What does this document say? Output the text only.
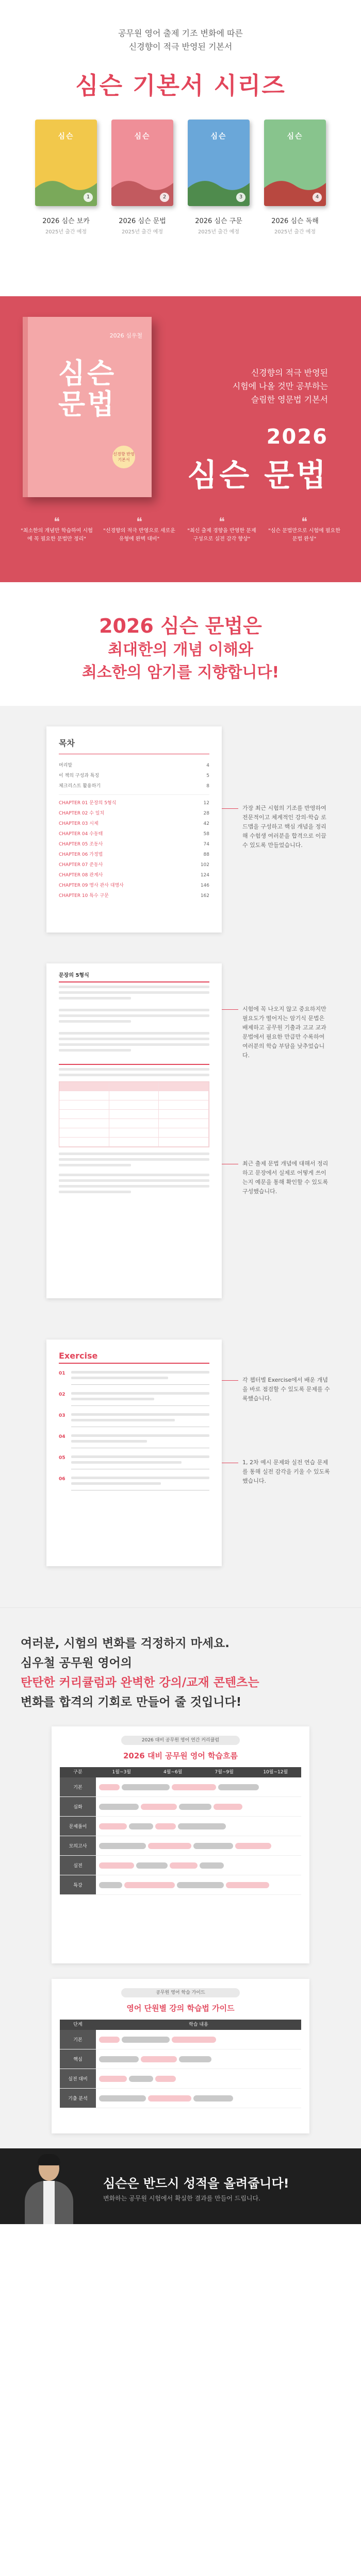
공무원 영어 출제 기조 변화에 따른
신경향이 적극 반영된 기본서
심슨 기본서 시리즈
심슨
1
2026 심슨 보카
2025년 출간 예정
심슨
2
2026 심슨 문법
2025년 출간 예정
심슨
3
2026 심슨 구문
2025년 출간 예정
심슨
4
2026 심슨 독해
2025년 출간 예정
2026 심우철
심슨
문법
신경향 반영 기본서
신경향의 적극 반영된
시험에 나올 것만 공부하는
슬림한 영문법 기본서
2026
심슨 문법
❝
"최소한의 개념만 학습하여 시험에 꼭 필요한 문법만 정리"
❝
"신경향의 적극 반영으로 새로운 유형에 완벽 대비"
❝
"최신 출제 경향을 반영한 문제 구성으로 실전 감각 향상"
❝
"심슨 문법만으로 시험에 필요한 문법 완성"
2026 심슨 문법은
최대한의 개념 이해와
최소한의 암기를 지향합니다!
목차
머리말	4
이 책의 구성과 특징	5
체크리스트 활용하기	8
CHAPTER 01 문장의 5형식	12
CHAPTER 02 수 일치	28
CHAPTER 03 시제	42
CHAPTER 04 수동태	58
CHAPTER 05 조동사	74
CHAPTER 06 가정법	88
CHAPTER 07 준동사	102
CHAPTER 08 관계사	124
CHAPTER 09 명사 관사 대명사	146
CHAPTER 10 특수 구문	162
가장 최근 시험의 기조를 반영하여 전문적이고 체계적인 강의·학습 로드맵을 구성하고 핵심 개념을 정리해 수험생 여러분을 합격으로 이끌 수 있도록 만들었습니다.
문장의 5형식
시험에 꼭 나오지 않고 중요하지만 필요도가 떨어지는 암기식 문법은 배제하고 공무원 기출과 고교 교과 문법에서 필요한 만큼만 수록하여 여러분의 학습 부담을 낮추었습니다.
최근 출제 문법 개념에 대해서 정리하고 문장에서 실제로 어떻게 쓰이는지 예문을 통해 확인할 수 있도록 구성했습니다.
Exercise
01
02
03
04
05
06
각 챕터별 Exercise에서 배운 개념을 바로 점검할 수 있도록 문제를 수록했습니다.
1, 2차 예시 문제와 실전 연습 문제를 통해 실전 감각을 키울 수 있도록 했습니다.
여러분, 시험의 변화를 걱정하지 마세요.
심우철 공무원 영어의
탄탄한 커리큘럼과 완벽한 강의/교재 콘텐츠는
변화를 합격의 기회로 만들어 줄 것입니다!
2026 대비 공무원 영어 연간 커리큘럼
2026 대비 공무원 영어 학습흐름
구분	1월~3월	4월~6월	7월~9월	10월~12월
기본
심화
문제풀이
모의고사
실전
특강
공무원 영어 학습 가이드
영어 단원별 강의 학습법 가이드
단계	학습 내용
기본
핵심
실전 대비
기출 분석
심슨은 반드시 성적을 올려줍니다!
변화하는 공무원 시험에서 확실한 결과를 만들어 드립니다.
